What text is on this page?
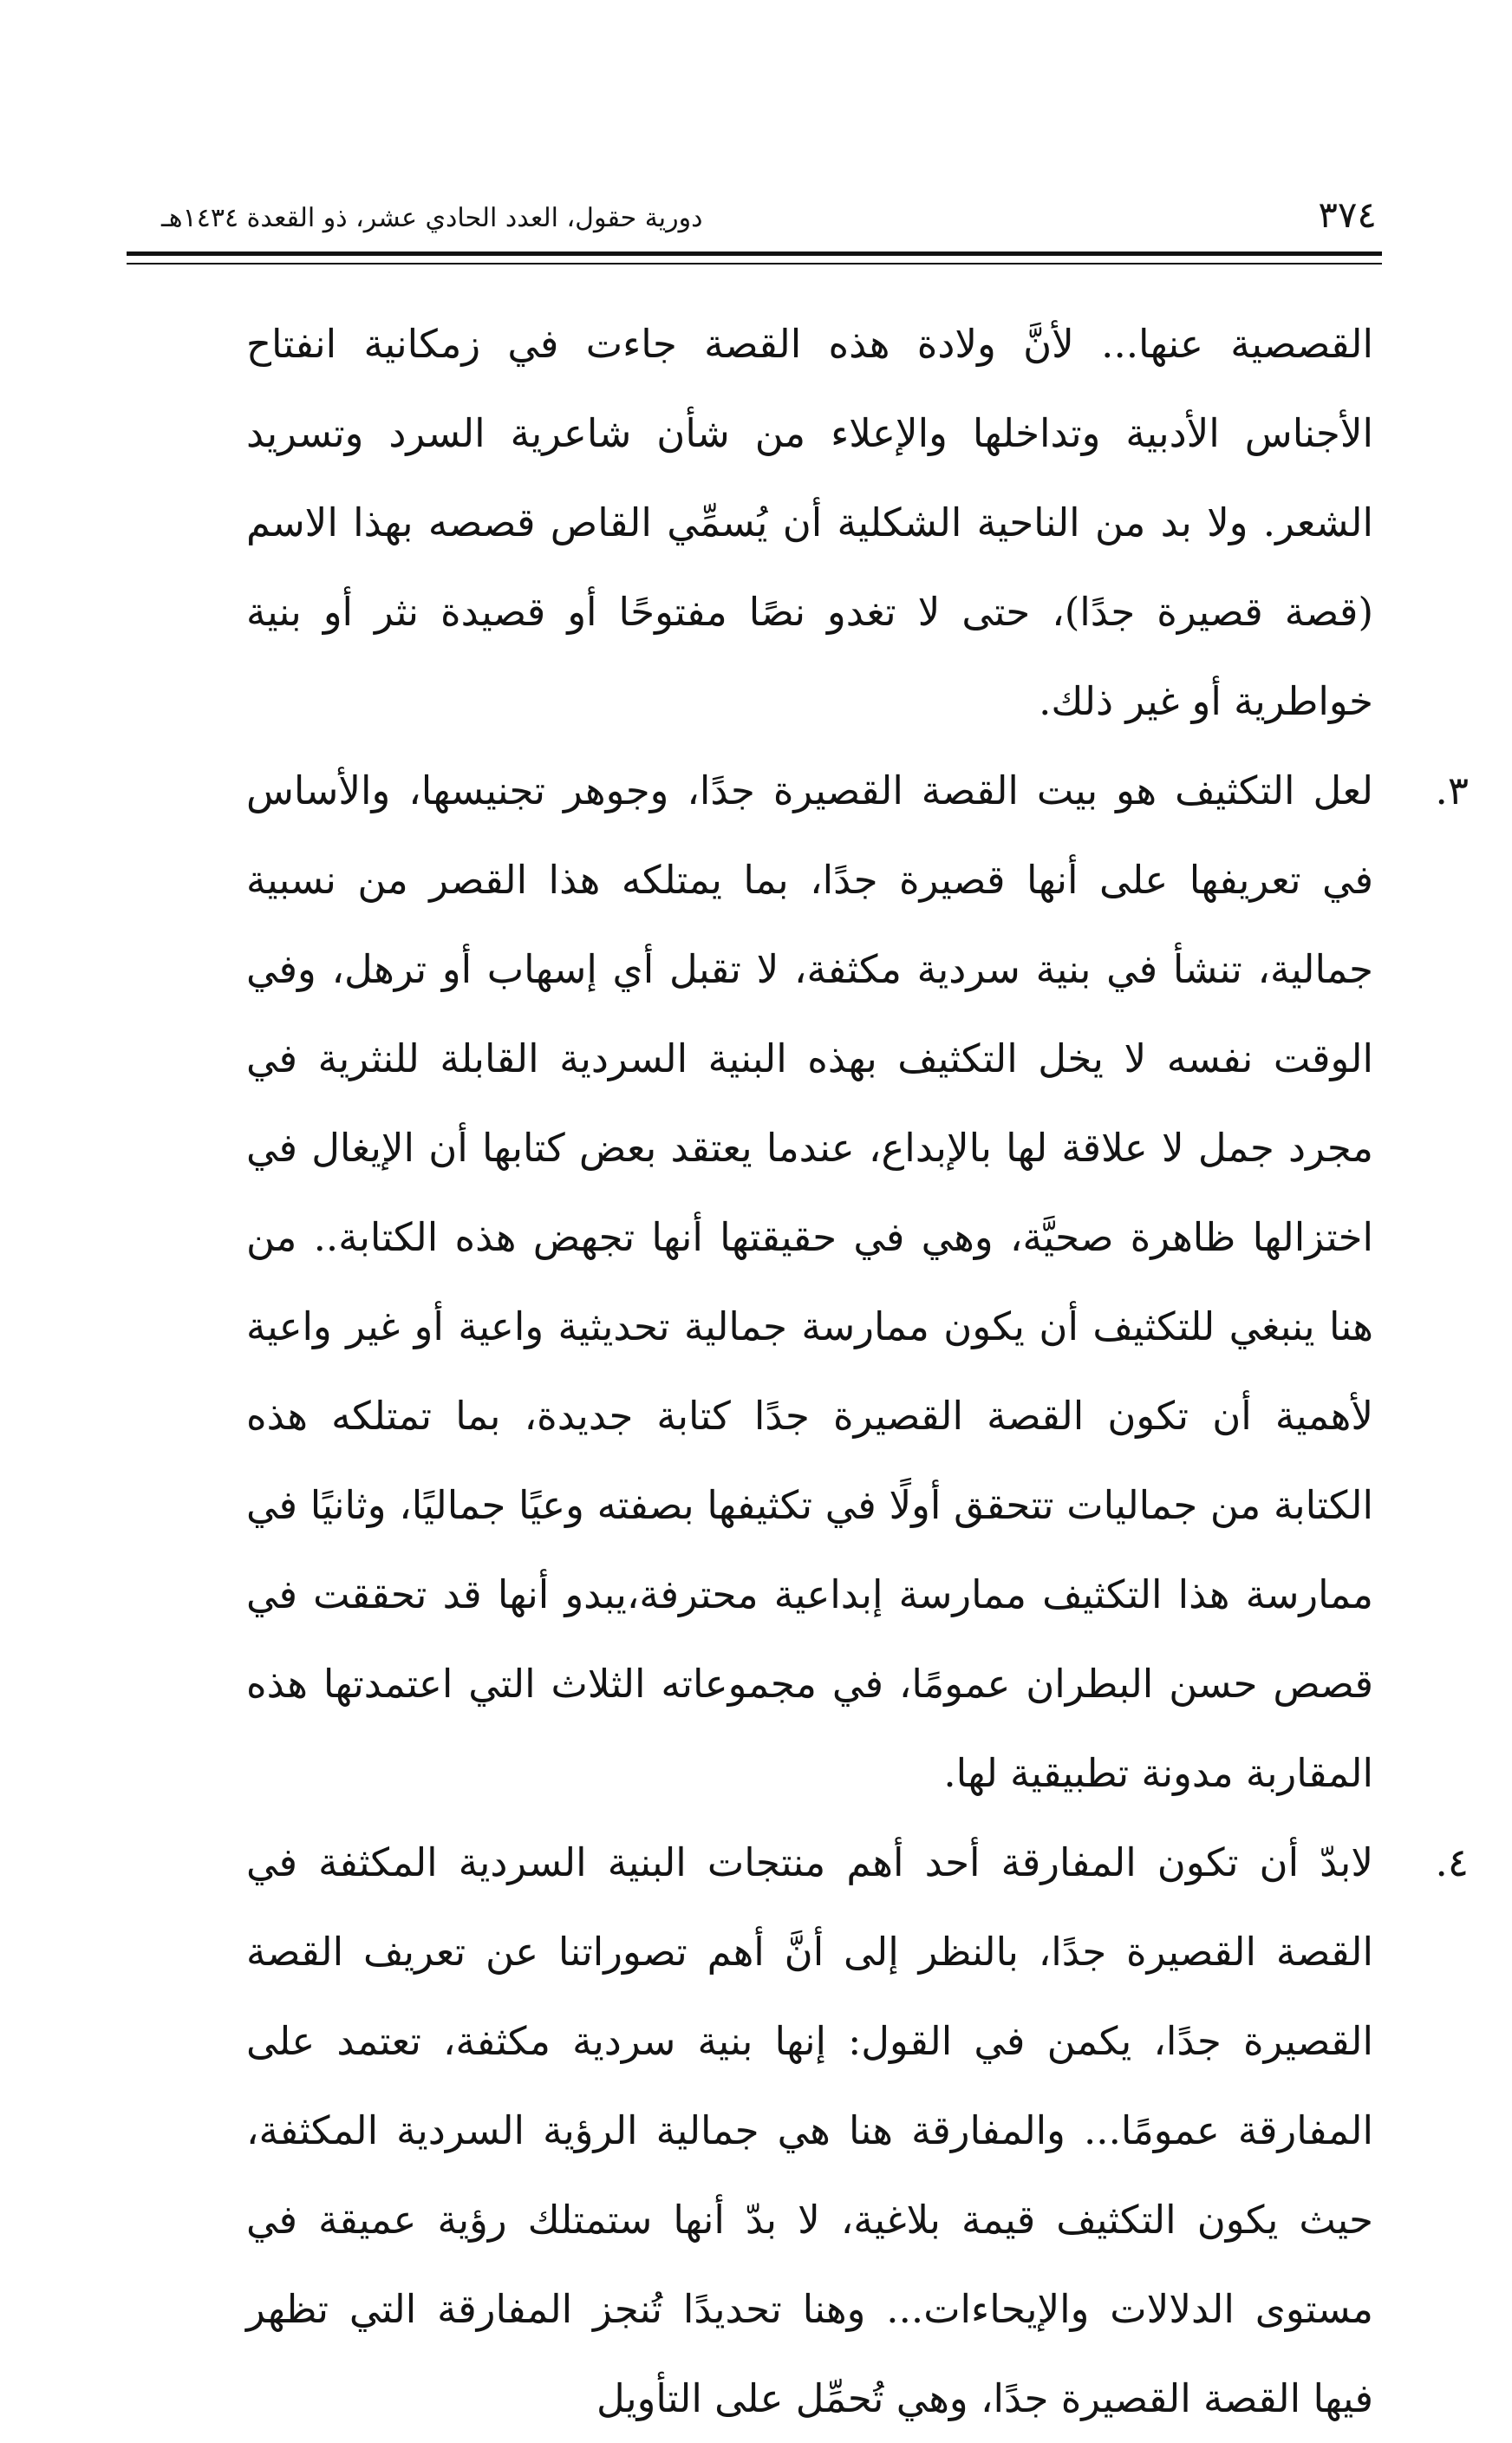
٣٧٤
دورية حقول، العدد الحادي عشر، ذو القعدة ١٤٣٤هـ

القصصية عنها... لأنَّ ولادة هذه القصة جاءت في زمكانية انفتاح الأجناس الأدبية وتداخلها والإعلاء من شأن شاعرية السرد وتسريد الشعر. ولا بد من الناحية الشكلية أن يُسمِّي القاص قصصه بهذا الاسم (قصة قصيرة جدًا)، حتى لا تغدو نصًا مفتوحًا أو قصيدة نثر أو بنية خواطرية أو غير ذلك.

٣.

لعل التكثيف هو بيت القصة القصيرة جدًا، وجوهر تجنيسها، والأساس في تعريفها على أنها قصيرة جدًا، بما يمتلكه هذا القصر من نسبية جمالية، تنشأ في بنية سردية مكثفة، لا تقبل أي إسهاب أو ترهل، وفي الوقت نفسه لا يخل التكثيف بهذه البنية السردية القابلة للنثرية في مجرد جمل لا علاقة لها بالإبداع، عندما يعتقد بعض كتابها أن الإيغال في اختزالها ظاهرة صحيَّة، وهي في حقيقتها أنها تجهض هذه الكتابة.. من هنا ينبغي للتكثيف أن يكون ممارسة جمالية تحديثية واعية أو غير واعية لأهمية أن تكون القصة القصيرة جدًا كتابة جديدة، بما تمتلكه هذه الكتابة من جماليات تتحقق أولًا في تكثيفها بصفته وعيًا جماليًا، وثانيًا في ممارسة هذا التكثيف ممارسة إبداعية محترفة،يبدو أنها قد تحققت في قصص حسن البطران عمومًا، في مجموعاته الثلاث التي اعتمدتها هذه المقاربة مدونة تطبيقية لها.

٤.

لابدّ أن تكون المفارقة أحد أهم منتجات البنية السردية المكثفة في القصة القصيرة جدًا، بالنظر إلى أنَّ أهم تصوراتنا عن تعريف القصة القصيرة جدًا، يكمن في القول: إنها بنية سردية مكثفة، تعتمد على المفارقة عمومًا... والمفارقة هنا هي جمالية الرؤية السردية المكثفة، حيث يكون التكثيف قيمة بلاغية، لا بدّ أنها ستمتلك رؤية عميقة في مستوى الدلالات والإيحاءات... وهنا تحديدًا تُنجز المفارقة التي تظهر فيها القصة القصيرة جدًا، وهي تُحمِّل على التأويل
